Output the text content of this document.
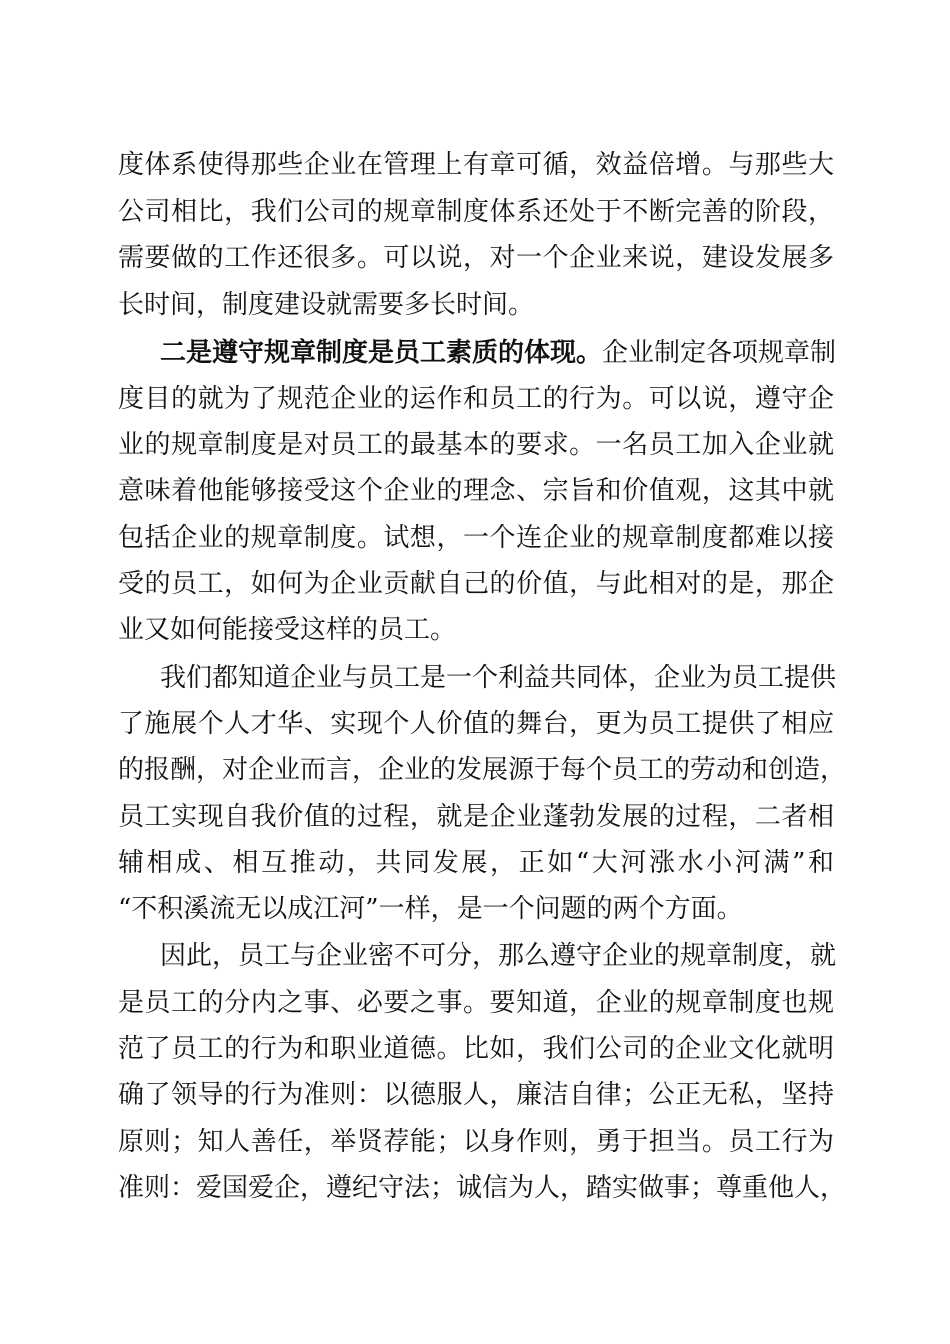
度体系使得那些企业在管理上有章可循，效益倍增。与那些大
公司相比，我们公司的规章制度体系还处于不断完善的阶段，
需要做的工作还很多。可以说，对一个企业来说，建设发展多
长时间，制度建设就需要多长时间。
二是遵守规章制度是员工素质的体现。企业制定各项规章制
度目的就为了规范企业的运作和员工的行为。可以说，遵守企
业的规章制度是对员工的最基本的要求。一名员工加入企业就
意味着他能够接受这个企业的理念、宗旨和价值观，这其中就
包括企业的规章制度。试想，一个连企业的规章制度都难以接
受的员工，如何为企业贡献自己的价值，与此相对的是，那企
业又如何能接受这样的员工。
我们都知道企业与员工是一个利益共同体，企业为员工提供
了施展个人才华、实现个人价值的舞台，更为员工提供了相应
的报酬，对企业而言，企业的发展源于每个员工的劳动和创造，
员工实现自我价值的过程，就是企业蓬勃发展的过程，二者相
辅相成、相互推动，共同发展，正如“大河涨水小河满”和
“不积溪流无以成江河”一样，是一个问题的两个方面。
因此，员工与企业密不可分，那么遵守企业的规章制度，就
是员工的分内之事、必要之事。要知道，企业的规章制度也规
范了员工的行为和职业道德。比如，我们公司的企业文化就明
确了领导的行为准则：以德服人，廉洁自律；公正无私，坚持
原则；知人善任，举贤荐能；以身作则，勇于担当。员工行为
准则：爱国爱企，遵纪守法；诚信为人，踏实做事；尊重他人，
